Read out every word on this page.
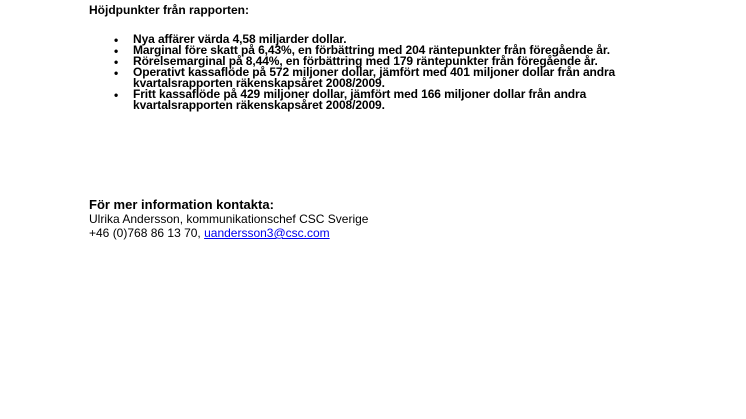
Höjdpunkter från rapporten:

• Nya affärer värda 4,58 miljarder dollar.
• Marginal före skatt på 6,43%, en förbättring med 204 räntepunkter från föregående år.
• Rörelsemarginal på 8,44%, en förbättring med 179 räntepunkter från föregående år.
• Operativt kassaflöde på 572 miljoner dollar, jämfört med 401 miljoner dollar från andra kvartalsrapporten räkenskapsåret 2008/2009.
• Fritt kassaflöde på 429 miljoner dollar, jämfört med 166 miljoner dollar från andra kvartalsrapporten räkenskapsåret 2008/2009.

För mer information kontakta:

Ulrika Andersson, kommunikationschef CSC Sverige

+46 (0)768 86 13 70, uandersson3@csc.com
